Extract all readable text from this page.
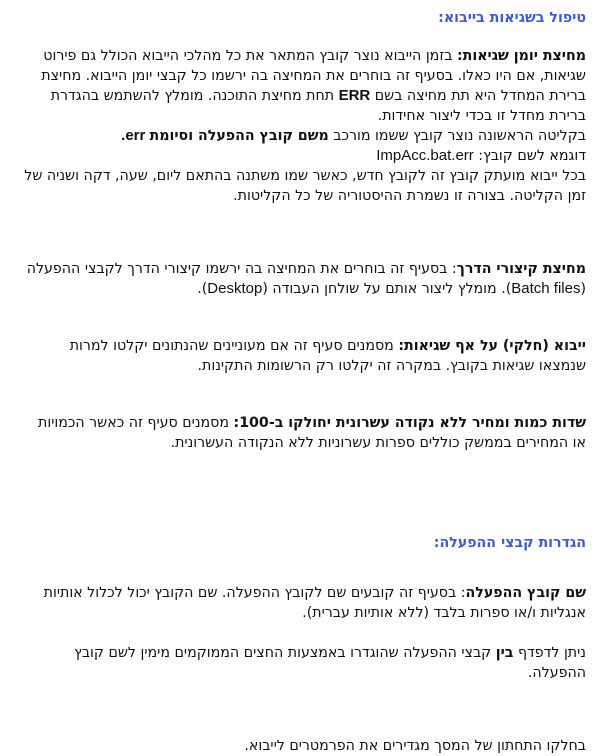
טיפול בשגיאות בייבוא:

מחיצת יומן שגיאות: בזמן הייבוא נוצר קובץ המתאר את כל מהלכי הייבוא הכולל גם פירוט שגיאות, אם היו כאלו. בסעיף זה בוחרים את המחיצה בה ירשמו כל קבצי יומן הייבוא. מחיצת ברירת המחדל היא תת מחיצה בשם ERR תחת מחיצת התוכנה. מומלץ להשתמש בהגדרת ברירת מחדל זו בכדי ליצור אחידות.

בקליטה הראשונה נוצר קובץ ששמו מורכב משם קובץ ההפעלה וסיומת err.

דוגמא לשם קובץ: ImpAcc.bat.err

בכל ייבוא מועתק קובץ זה לקובץ חדש, כאשר שמו משתנה בהתאם ליום, שעה, דקה ושניה של זמן הקליטה. בצורה זו נשמרת ההיסטוריה של כל הקליטות.

מחיצת קיצורי הדרך: בסעיף זה בוחרים את המחיצה בה ירשמו קיצורי הדרך לקבצי ההפעלה (Batch files). מומלץ ליצור אותם על שולחן העבודה (Desktop).

ייבוא (חלקי) על אף שגיאות: מסמנים סעיף זה אם מעוניינים שהנתונים יקלטו למרות שנמצאו שגיאות בקובץ. במקרה זה יקלטו רק הרשומות התקינות.

שדות כמות ומחיר ללא נקודה עשרונית יחולקו ב-100: מסמנים סעיף זה כאשר הכמויות או המחירים בממשק כוללים ספרות עשרוניות ללא הנקודה העשרונית.

הגדרות קבצי ההפעלה:

שם קובץ ההפעלה: בסעיף זה קובעים שם לקובץ ההפעלה. שם הקובץ יכול לכלול אותיות אנגליות ו/או ספרות בלבד (ללא אותיות עברית).

ניתן לדפדף בין קבצי ההפעלה שהוגדרו באמצעות החצים הממוקמים מימין לשם קובץ ההפעלה.

בחלקו התחתון של המסך מגדירים את הפרמטרים לייבוא.
